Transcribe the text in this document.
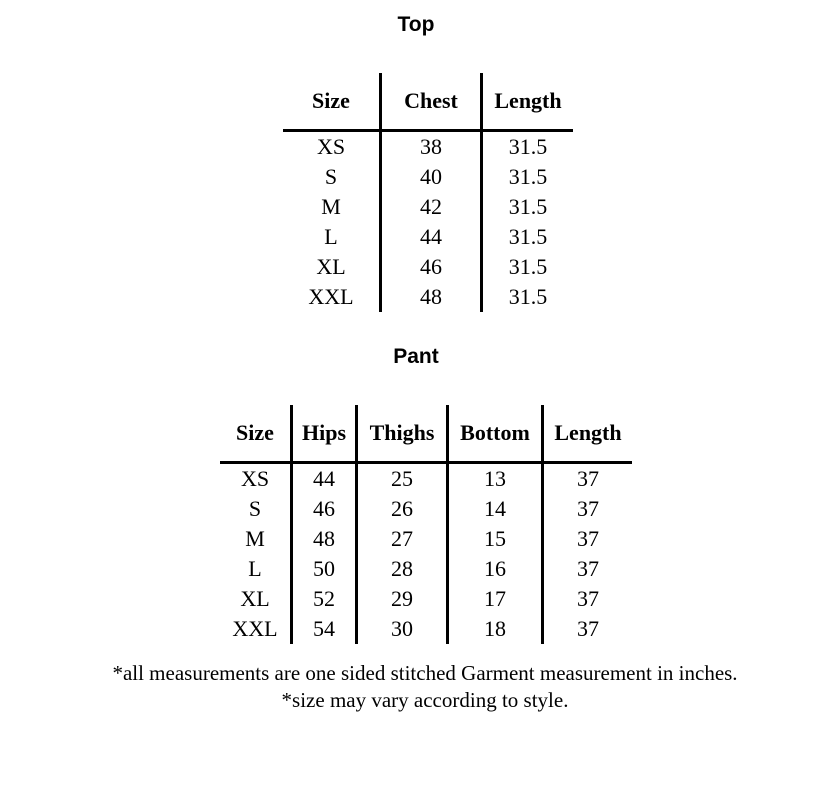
Top
Size	Chest	Length
XS	38	31.5
S	40	31.5
M	42	31.5
L	44	31.5
XL	46	31.5
XXL	48	31.5
Pant
Size	Hips	Thighs	Bottom	Length
XS	44	25	13	37
S	46	26	14	37
M	48	27	15	37
L	50	28	16	37
XL	52	29	17	37
XXL	54	30	18	37
*all measurements are one sided stitched Garment measurement in inches.
*size may vary according to style.
